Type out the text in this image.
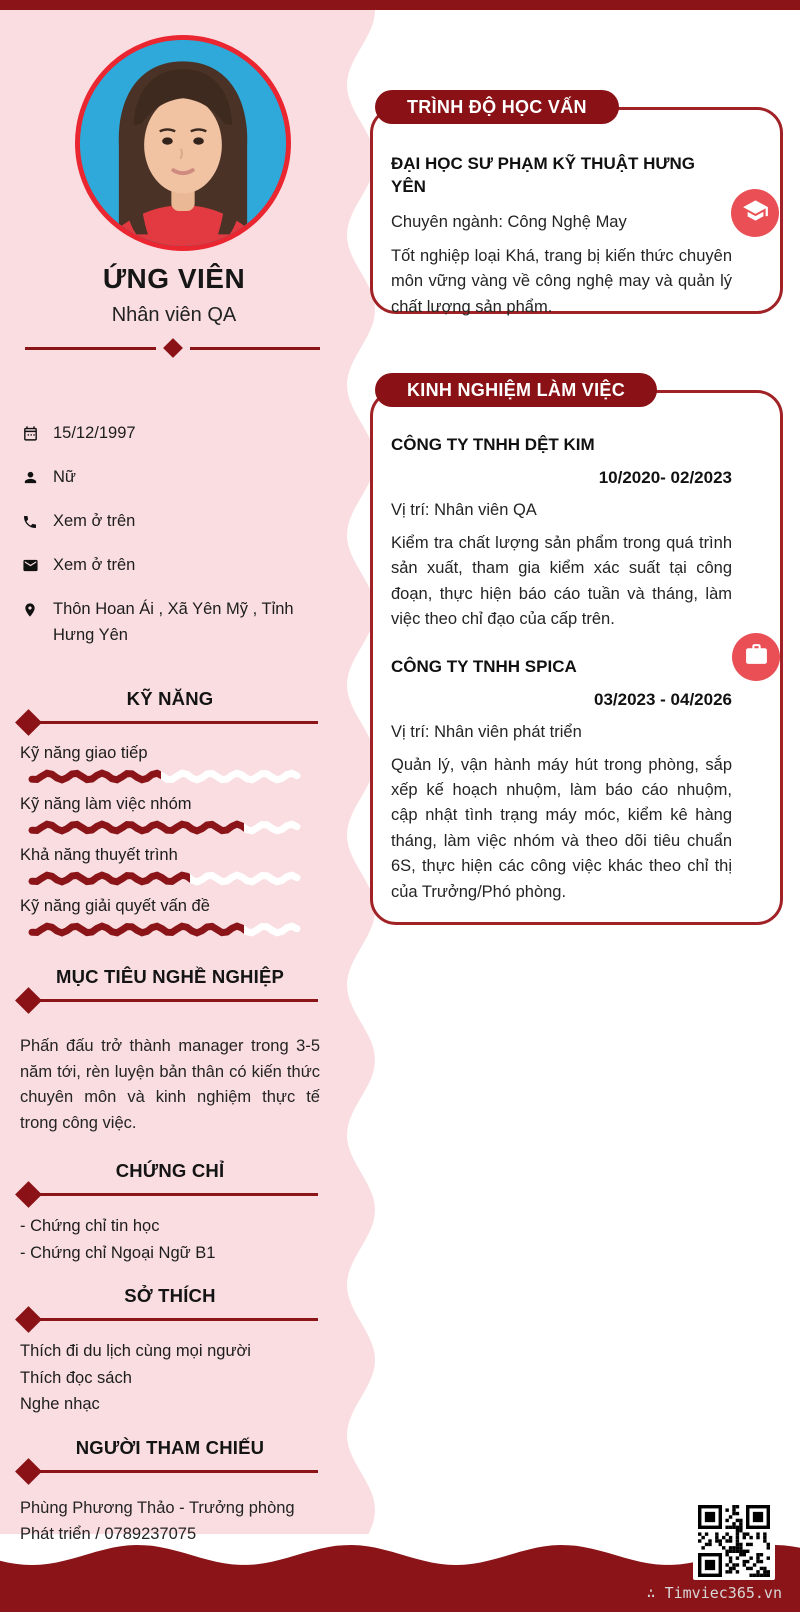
ỨNG VIÊN
Nhân viên QA
15/12/1997
Nữ
Xem ở trên
Xem ở trên
Thôn Hoan Ái , Xã Yên Mỹ , Tỉnh Hưng Yên
KỸ NĂNG
Kỹ năng giao tiếp
Kỹ năng làm việc nhóm
Khả năng thuyết trình
Kỹ năng giải quyết vấn đề
MỤC TIÊU NGHỀ NGHIỆP

Phấn đấu trở thành manager trong 3-5 năm tới, rèn luyện bản thân có kiến thức chuyên môn và kinh nghiệm thực tế trong công việc.

CHỨNG CHỈ
- Chứng chỉ tin học
- Chứng chỉ Ngoại Ngữ B1
SỞ THÍCH
Thích đi du lịch cùng mọi người
Thích đọc sách
Nghe nhạc
NGƯỜI THAM CHIẾU

Phùng Phương Thảo - Trưởng phòng Phát triển / 0789237075

TRÌNH ĐỘ HỌC VẤN
ĐẠI HỌC SƯ PHẠM KỸ THUẬT HƯNG YÊN
Chuyên ngành: Công Nghệ May
Tốt nghiệp loại Khá, trang bị kiến thức chuyên môn vững vàng về công nghệ may và quản lý chất lượng sản phẩm.
KINH NGHIỆM LÀM VIỆC
CÔNG TY TNHH DỆT KIM
10/2020- 02/2023
Vị trí: Nhân viên QA
Kiểm tra chất lượng sản phẩm trong quá trình sản xuất, tham gia kiểm xác suất tại công đoạn, thực hiện báo cáo tuần và tháng, làm việc theo chỉ đạo của cấp trên.
CÔNG TY TNHH SPICA
03/2023 - 04/2026
Vị trí: Nhân viên phát triển
Quản lý, vận hành máy hút trong phòng, sắp xếp kế hoạch nhuộm, làm báo cáo nhuộm, cập nhật tình trạng máy móc, kiểm kê hàng tháng, làm việc nhóm và theo dõi tiêu chuẩn 6S, thực hiện các công việc khác theo chỉ thị của Trưởng/Phó phòng.
∴ Timviec365.vn
